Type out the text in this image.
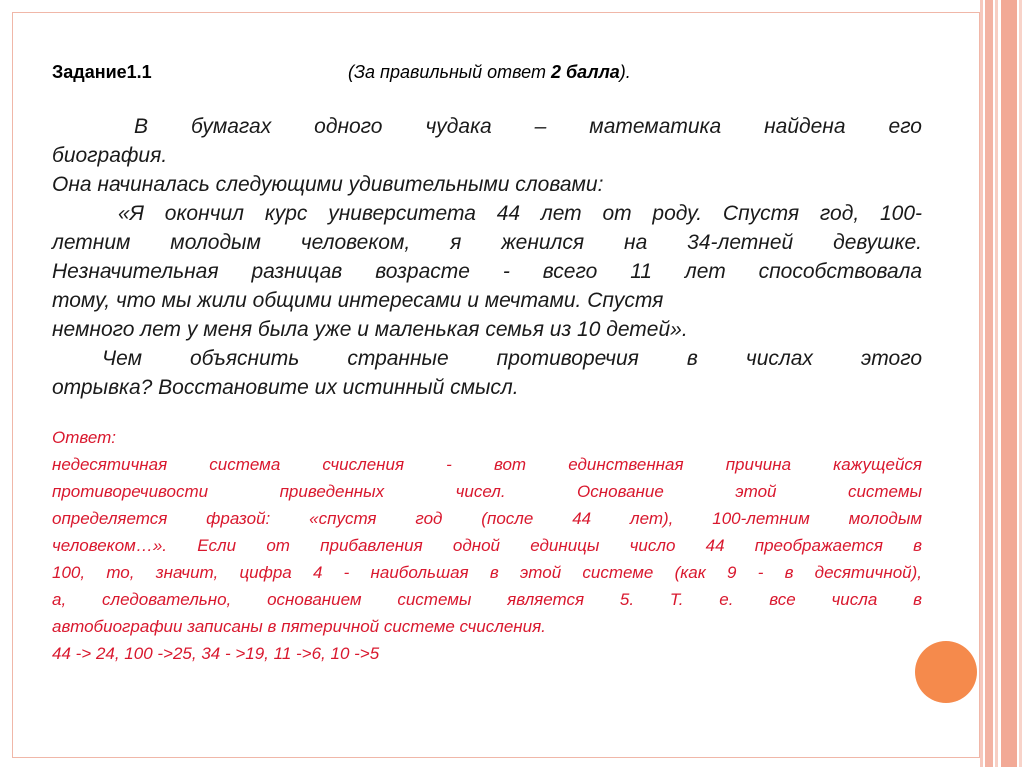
Задание1.1	(За правильный ответ 2 балла).

В бумагах одного чудака – математика найдена его

биография.

Она начиналась следующими удивительными словами:

«Я окончил курс университета 44 лет от роду. Спустя год, 100-

летним молодым человеком, я женился на 34-летней девушке.

Незначительная разницав возрасте - всего 11 лет способствовала

тому, что мы жили общими интересами и мечтами. Спустя

немного лет у меня была уже и маленькая семья из 10 детей».

Чем объяснить странные противоречия в числах этого

отрывка? Восстановите их истинный смысл.

Ответ:

недесятичная система счисления - вот единственная причина кажущейся

противоречивости приведенных чисел. Основание этой системы

определяется фразой: «спустя год (после 44 лет), 100-летним молодым

человеком…». Если от прибавления одной единицы число 44 преображается в

100, то, значит, цифра 4 - наибольшая в этой системе (как 9 - в десятичной),

а, следовательно, основанием системы является 5. Т. е. все числа в

автобиографии записаны в пятеричной системе счисления.

44 -> 24, 100 ->25, 34 - >19, 11 ->6, 10 ->5
